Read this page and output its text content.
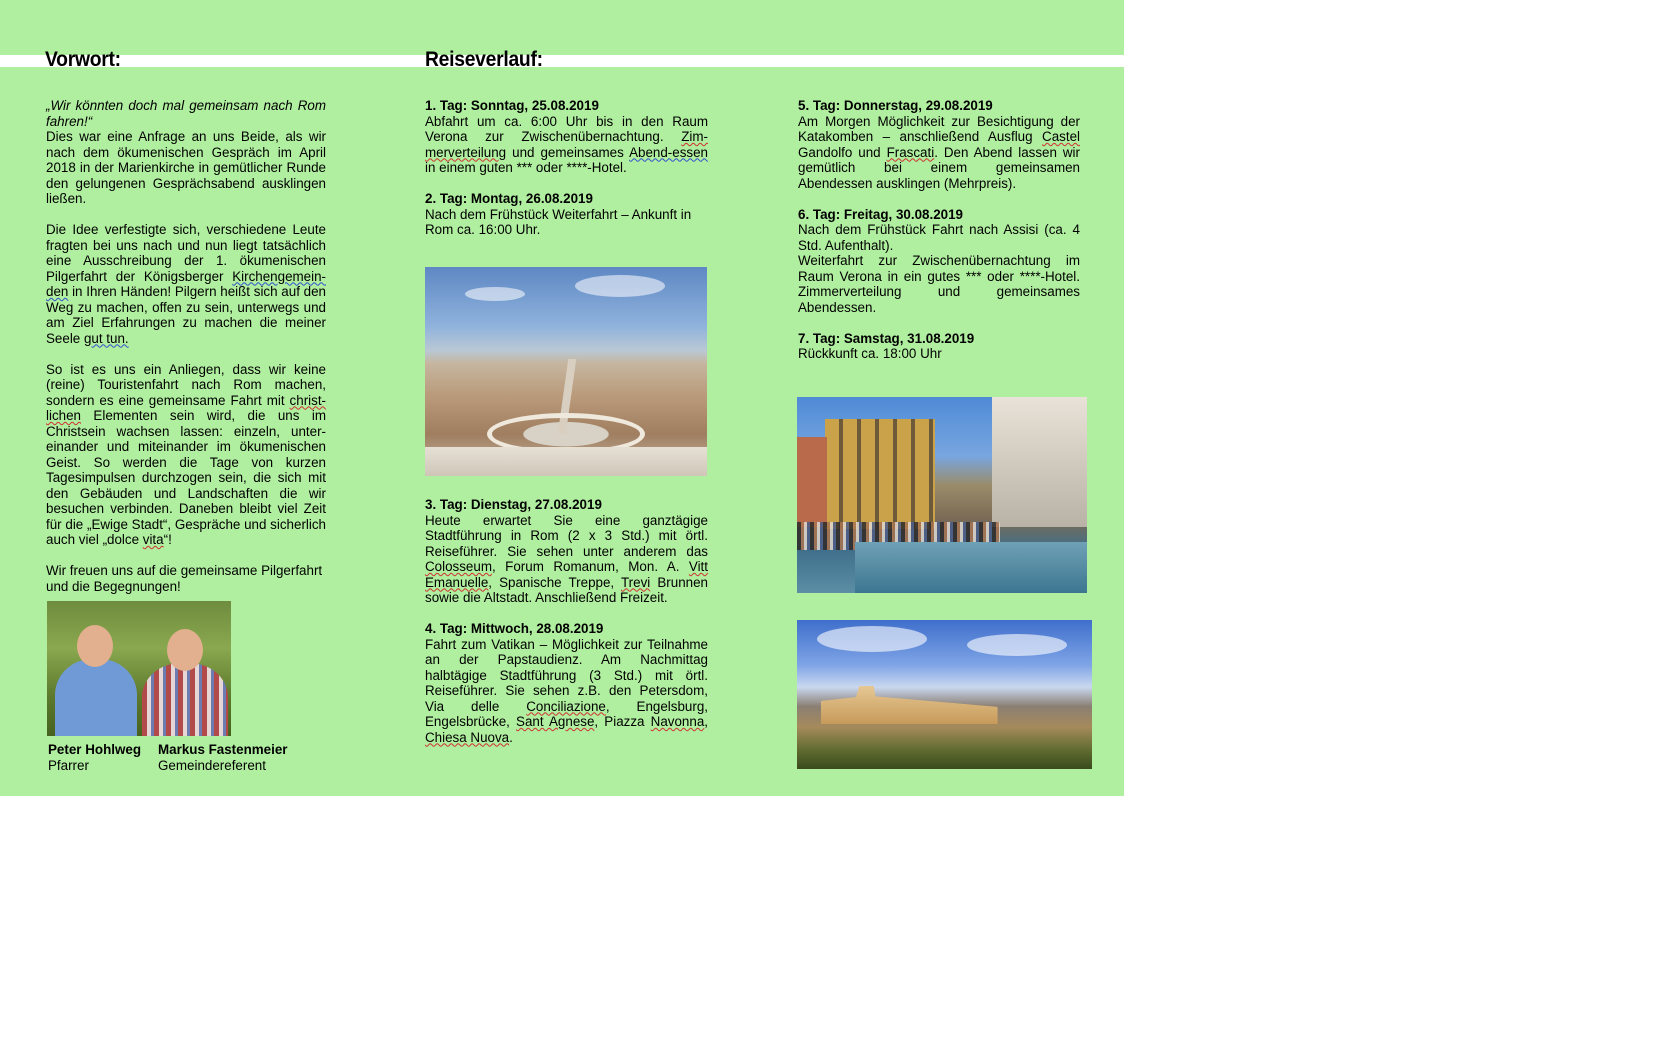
Vorwort:	Reiseverlauf:

„Wir könnten doch mal gemeinsam nach Rom fahren!“

Dies war eine Anfrage an uns Beide, als wir nach dem ökumenischen Gespräch im April 2018 in der Marienkirche in gemütlicher Runde den gelungenen Gesprächsabend ausklingen ließen.

Die Idee verfestigte sich, verschiedene Leute fragten bei uns nach und nun liegt tatsächlich eine Ausschreibung der 1. ökumenischen Pilgerfahrt der Königsberger Kirchengemein-den in Ihren Händen! Pilgern heißt sich auf den Weg zu machen, offen zu sein, unterwegs und am Ziel Erfahrungen zu machen die meiner Seele gut tun.

So ist es uns ein Anliegen, dass wir keine (reine) Touristenfahrt nach Rom machen, sondern es eine gemeinsame Fahrt mit christ-lichen Elementen sein wird, die uns im Christsein wachsen lassen: einzeln, unter-einander und miteinander im ökumenischen Geist. So werden die Tage von kurzen Tagesimpulsen durchzogen sein, die sich mit den Gebäuden und Landschaften die wir besuchen verbinden. Daneben bleibt viel Zeit für die „Ewige Stadt“, Gespräche und sicherlich auch viel „dolce vita“!

Wir freuen uns auf die gemeinsame Pilgerfahrt und die Begegnungen!

Peter Hohlweg
Pfarrer
Markus Fastenmeier
Gemeindereferent

1. Tag: Sonntag, 25.08.2019

Abfahrt um ca. 6:00 Uhr bis in den Raum Verona zur Zwischenübernachtung. Zim-merverteilung und gemeinsames Abend-essen in einem guten *** oder ****-Hotel.

2. Tag: Montag, 26.08.2019

Nach dem Frühstück Weiterfahrt – Ankunft in Rom ca. 16:00 Uhr.

3. Tag: Dienstag, 27.08.2019

Heute erwartet Sie eine ganztägige Stadtführung in Rom (2 x 3 Std.) mit örtl. Reiseführer. Sie sehen unter anderem das Colosseum, Forum Romanum, Mon. A. Vitt Emanuelle, Spanische Treppe, Trevi Brunnen sowie die Altstadt. Anschließend Freizeit.

4. Tag: Mittwoch, 28.08.2019

Fahrt zum Vatikan – Möglichkeit zur Teilnahme an der Papstaudienz. Am Nachmittag halbtägige Stadtführung (3 Std.) mit örtl. Reiseführer. Sie sehen z.B. den Petersdom, Via delle Conciliazione, Engelsburg, Engelsbrücke, Sant Agnese, Piazza Navonna, Chiesa Nuova.

5. Tag: Donnerstag, 29.08.2019

Am Morgen Möglichkeit zur Besichtigung der Katakomben – anschließend Ausflug Castel Gandolfo und Frascati. Den Abend lassen wir gemütlich bei einem gemeinsamen Abendessen ausklingen (Mehrpreis).

6. Tag: Freitag, 30.08.2019

Nach dem Frühstück Fahrt nach Assisi (ca. 4 Std. Aufenthalt).

Weiterfahrt zur Zwischenübernachtung im Raum Verona in ein gutes *** oder ****-Hotel. Zimmerverteilung und gemeinsames Abendessen.

7. Tag: Samstag, 31.08.2019

Rückkunft ca. 18:00 Uhr
